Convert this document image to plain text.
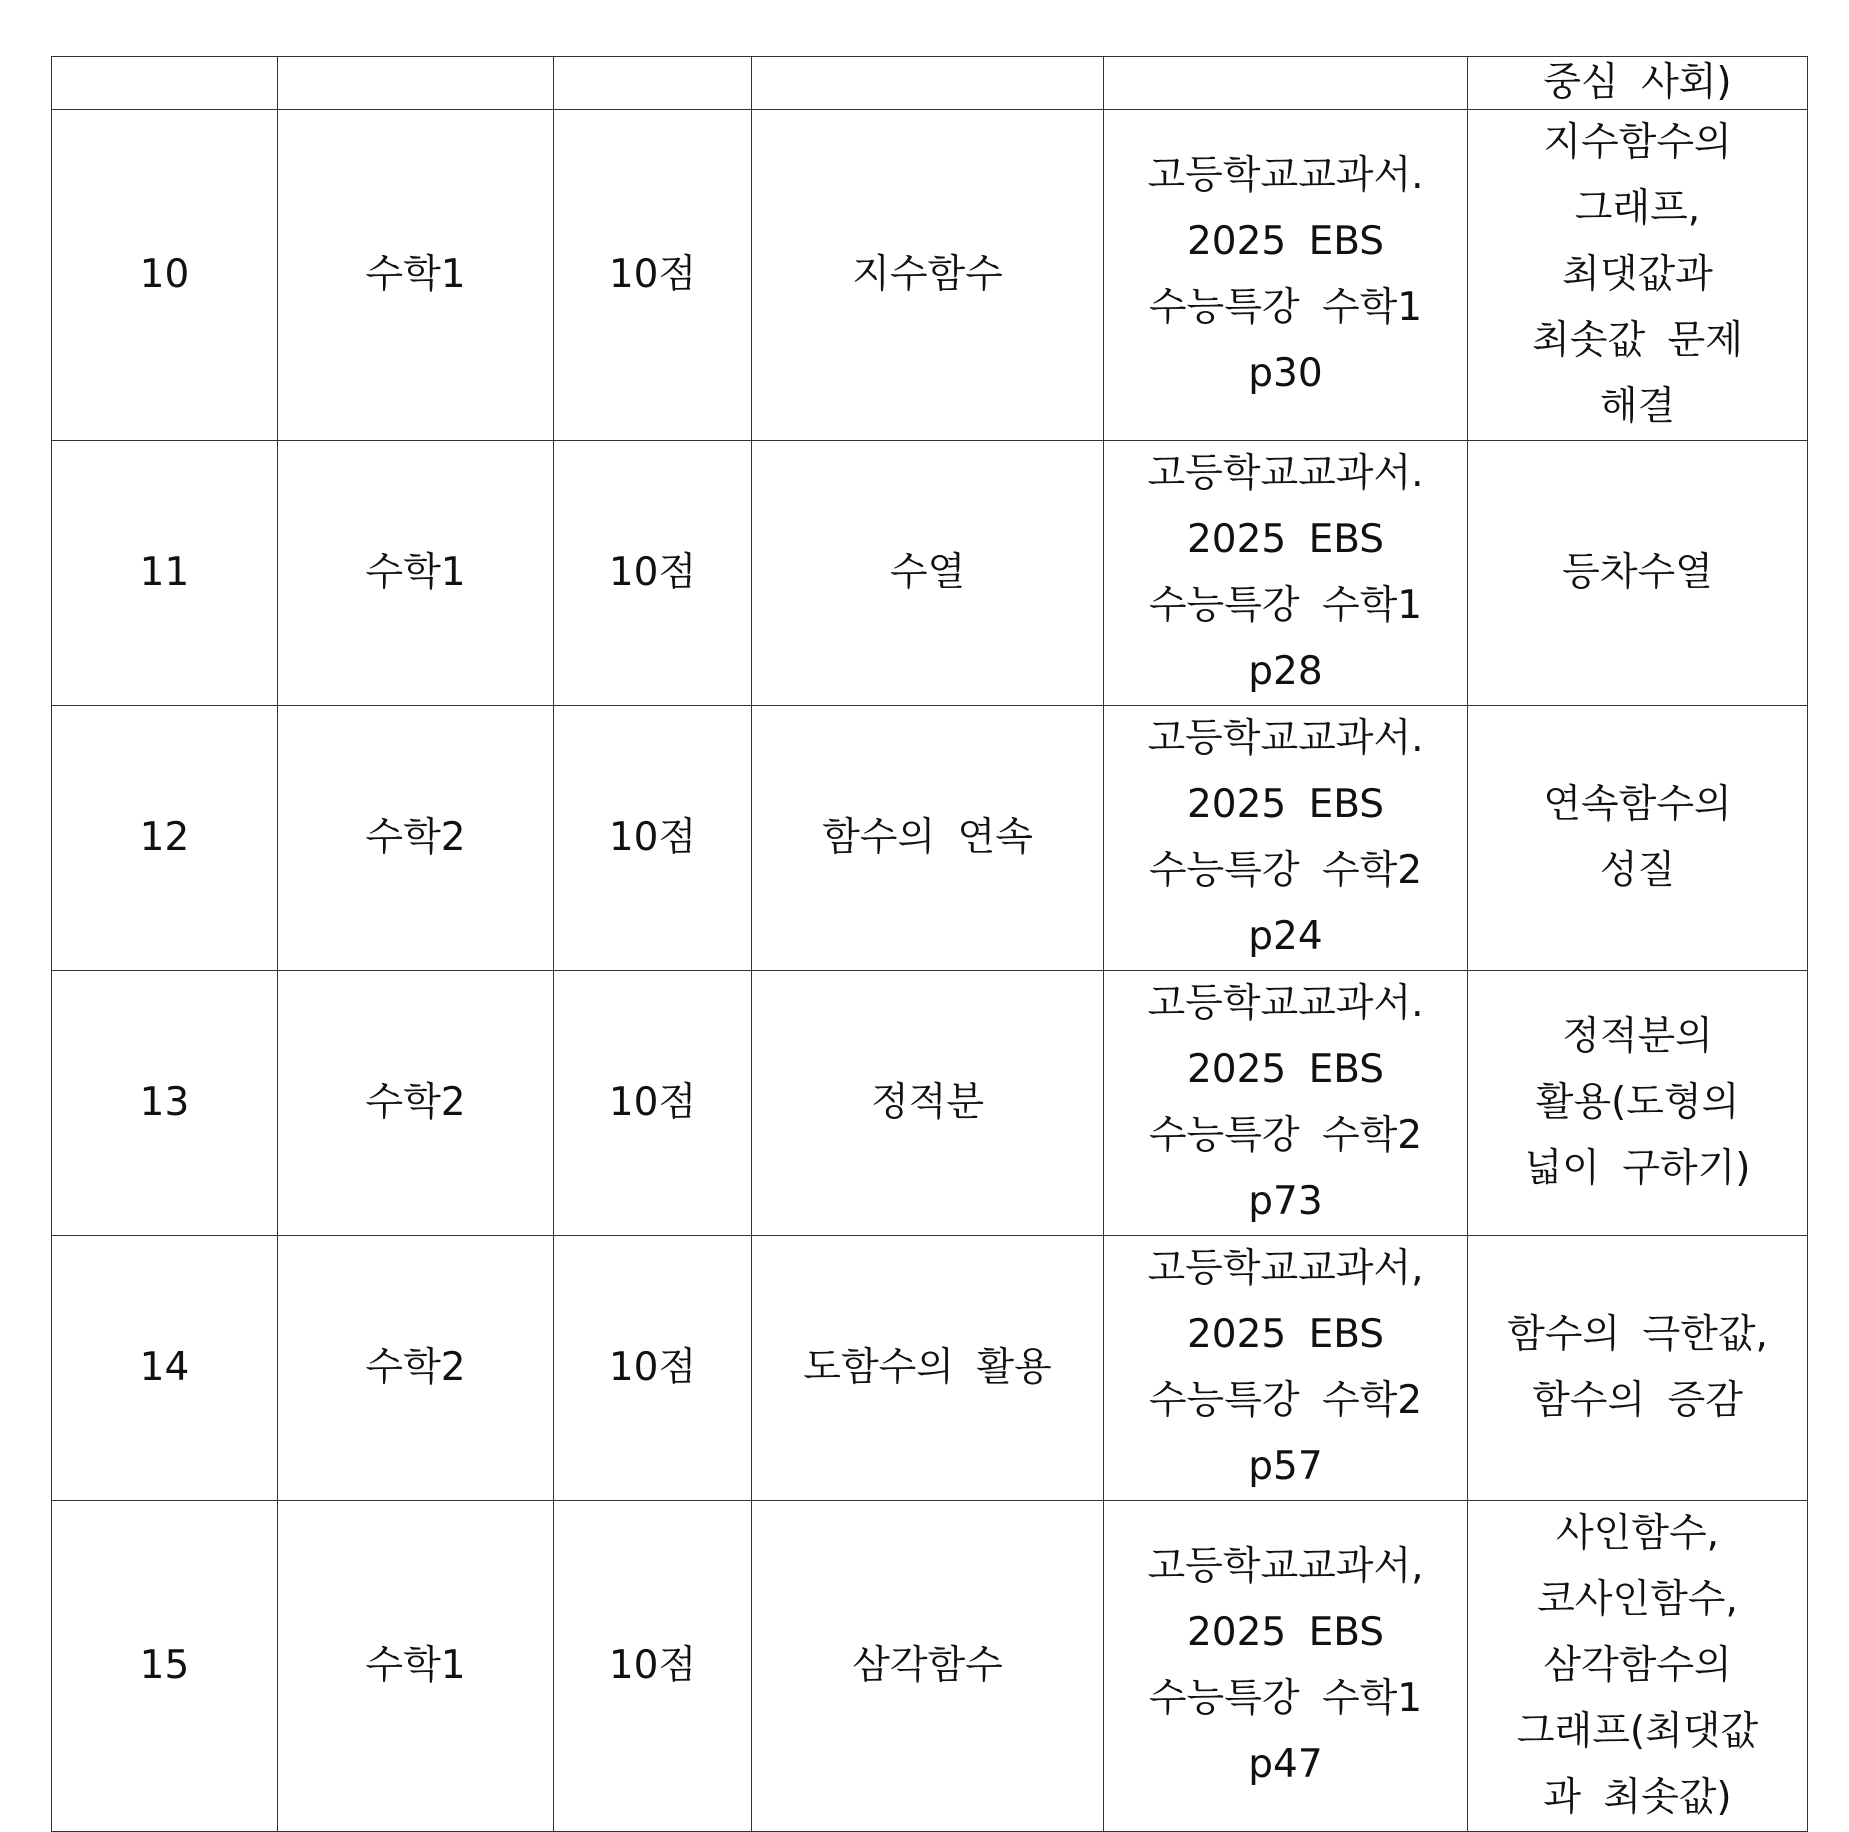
					중심 사회)
10	수학1	10점	지수함수	고등학교교과서.
2025 EBS
수능특강 수학1
p30	지수함수의
그래프,
최댓값과
최솟값 문제
해결
11	수학1	10점	수열	고등학교교과서.
2025 EBS
수능특강 수학1
p28	등차수열
12	수학2	10점	함수의 연속	고등학교교과서.
2025 EBS
수능특강 수학2
p24	연속함수의
성질
13	수학2	10점	정적분	고등학교교과서.
2025 EBS
수능특강 수학2
p73	정적분의
활용(도형의
넓이 구하기)
14	수학2	10점	도함수의 활용	고등학교교과서,
2025 EBS
수능특강 수학2
p57	함수의 극한값,
함수의 증감
15	수학1	10점	삼각함수	고등학교교과서,
2025 EBS
수능특강 수학1
p47	사인함수,
코사인함수,
삼각함수의
그래프(최댓값
과 최솟값)
